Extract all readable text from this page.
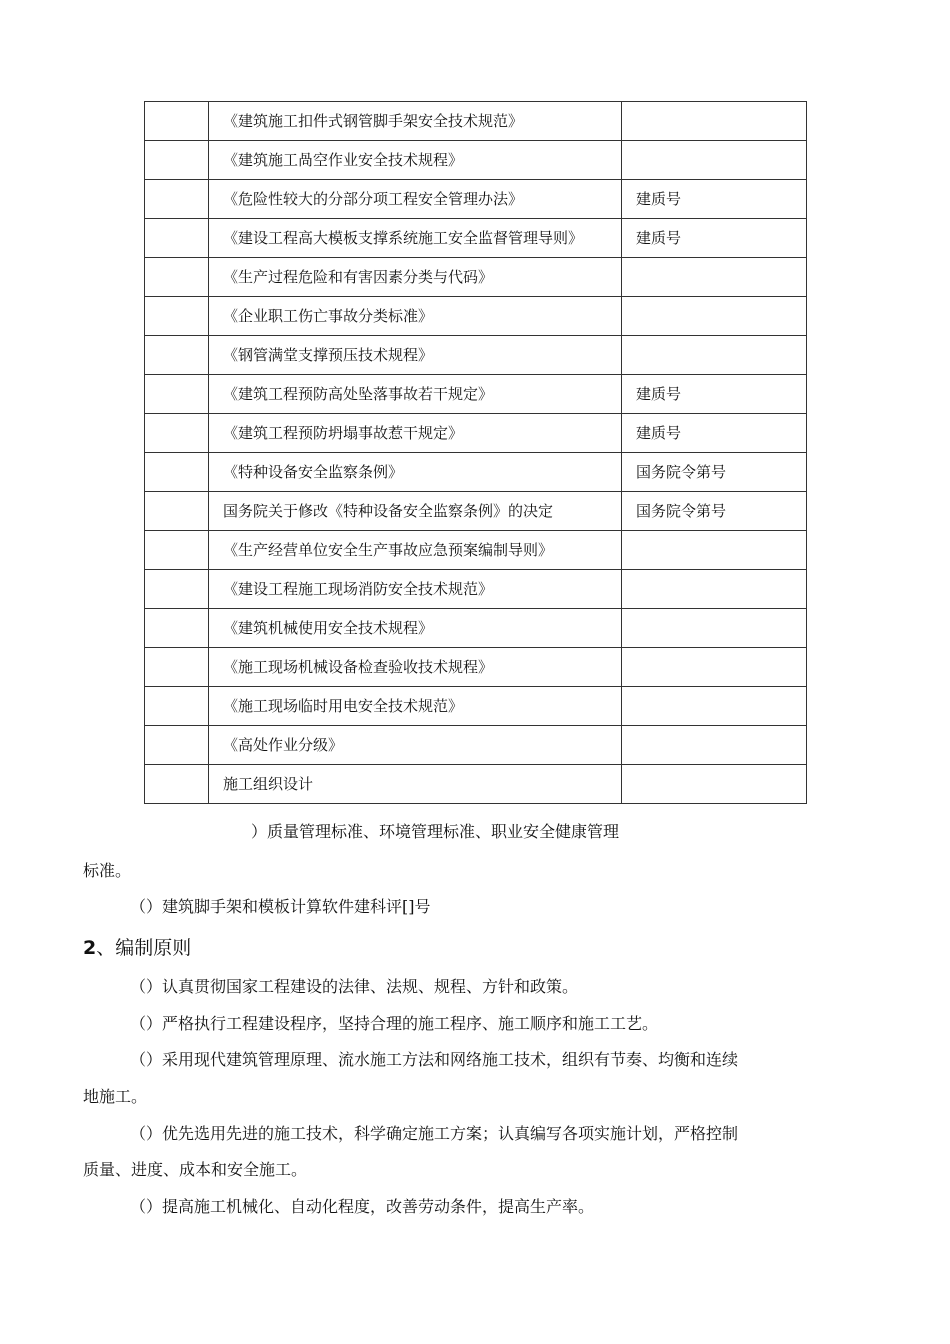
	《建筑施工扣件式钢管脚手架安全技术规范》	
	《建筑施工咼空作业安全技术规程》	
	《危险性较大的分部分项工程安全管理办法》	建质号
	《建设工程高大模板支撑系统施工安全监督管理导则》	建质号
	《生产过程危险和有害因素分类与代码》	
	《企业职工伤亡事故分类标准》	
	《钢管满堂支撑预压技术规程》	
	《建筑工程预防高处坠落事故若干规定》	建质号
	《建筑工程预防坍塌事故惹干规定》	建质号
	《特种设备安全监察条例》	国务院令第号
	国务院关于修改《特种设备安全监察条例》的决定	国务院令第号
	《生产经营单位安全生产事故应急预案编制导则》	
	《建设工程施工现场消防安全技术规范》	
	《建筑机械使用安全技术规程》	
	《施工现场机械设备检查验收技术规程》	
	《施工现场临时用电安全技术规范》	
	《高处作业分级》	
	施工组织设计	
）质量管理标准、环境管理标准、职业安全健康管理
标准。
（）建筑脚手架和模板计算软件建科评[]号
2、编制原则
（）认真贯彻国家工程建设的法律、法规、规程、方针和政策。
（）严格执行工程建设程序，坚持合理的施工程序、施工顺序和施工工艺。
（）采用现代建筑管理原理、流水施工方法和网络施工技术，组织有节奏、均衡和连续
地施工。
（）优先选用先进的施工技术，科学确定施工方案；认真编写各项实施计划，严格控制
质量、进度、成本和安全施工。
（）提高施工机械化、自动化程度，改善劳动条件，提高生产率。
